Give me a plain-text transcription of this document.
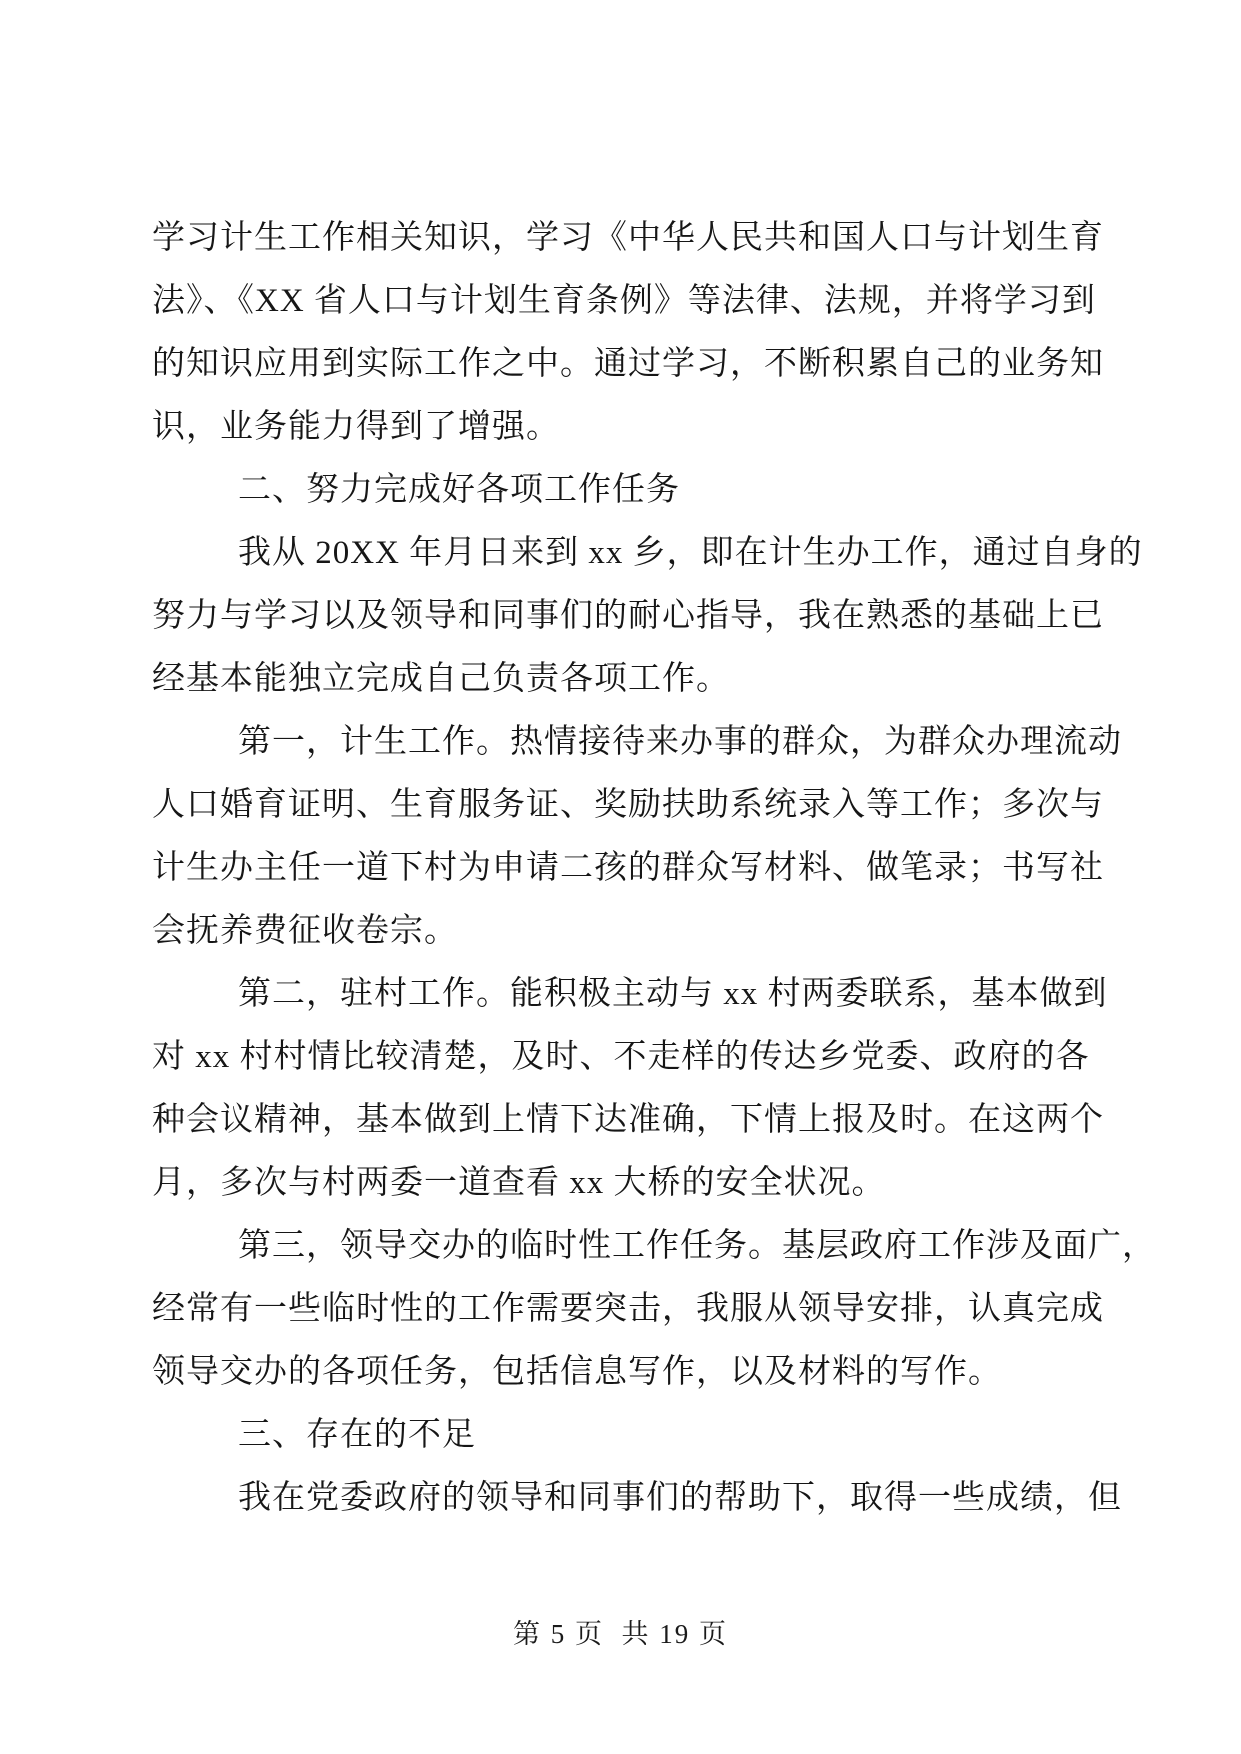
学习计生工作相关知识，学习《中华人民共和国人口与计划生育
法》、《XX 省人口与计划生育条例》等法律、法规，并将学习到
的知识应用到实际工作之中。通过学习，不断积累自己的业务知
识，业务能力得到了增强。
二、努力完成好各项工作任务
我从 20XX 年月日来到 xx 乡，即在计生办工作，通过自身的
努力与学习以及领导和同事们的耐心指导，我在熟悉的基础上已
经基本能独立完成自己负责各项工作。
第一，计生工作。热情接待来办事的群众，为群众办理流动
人口婚育证明、生育服务证、奖励扶助系统录入等工作；多次与
计生办主任一道下村为申请二孩的群众写材料、做笔录；书写社
会抚养费征收卷宗。
第二，驻村工作。能积极主动与 xx 村两委联系，基本做到
对 xx 村村情比较清楚，及时、不走样的传达乡党委、政府的各
种会议精神，基本做到上情下达准确，下情上报及时。在这两个
月，多次与村两委一道查看 xx 大桥的安全状况。
第三，领导交办的临时性工作任务。基层政府工作涉及面广，
经常有一些临时性的工作需要突击，我服从领导安排，认真完成
领导交办的各项任务，包括信息写作，以及材料的写作。
三、存在的不足
我在党委政府的领导和同事们的帮助下，取得一些成绩，但
第 5 页  共 19 页
